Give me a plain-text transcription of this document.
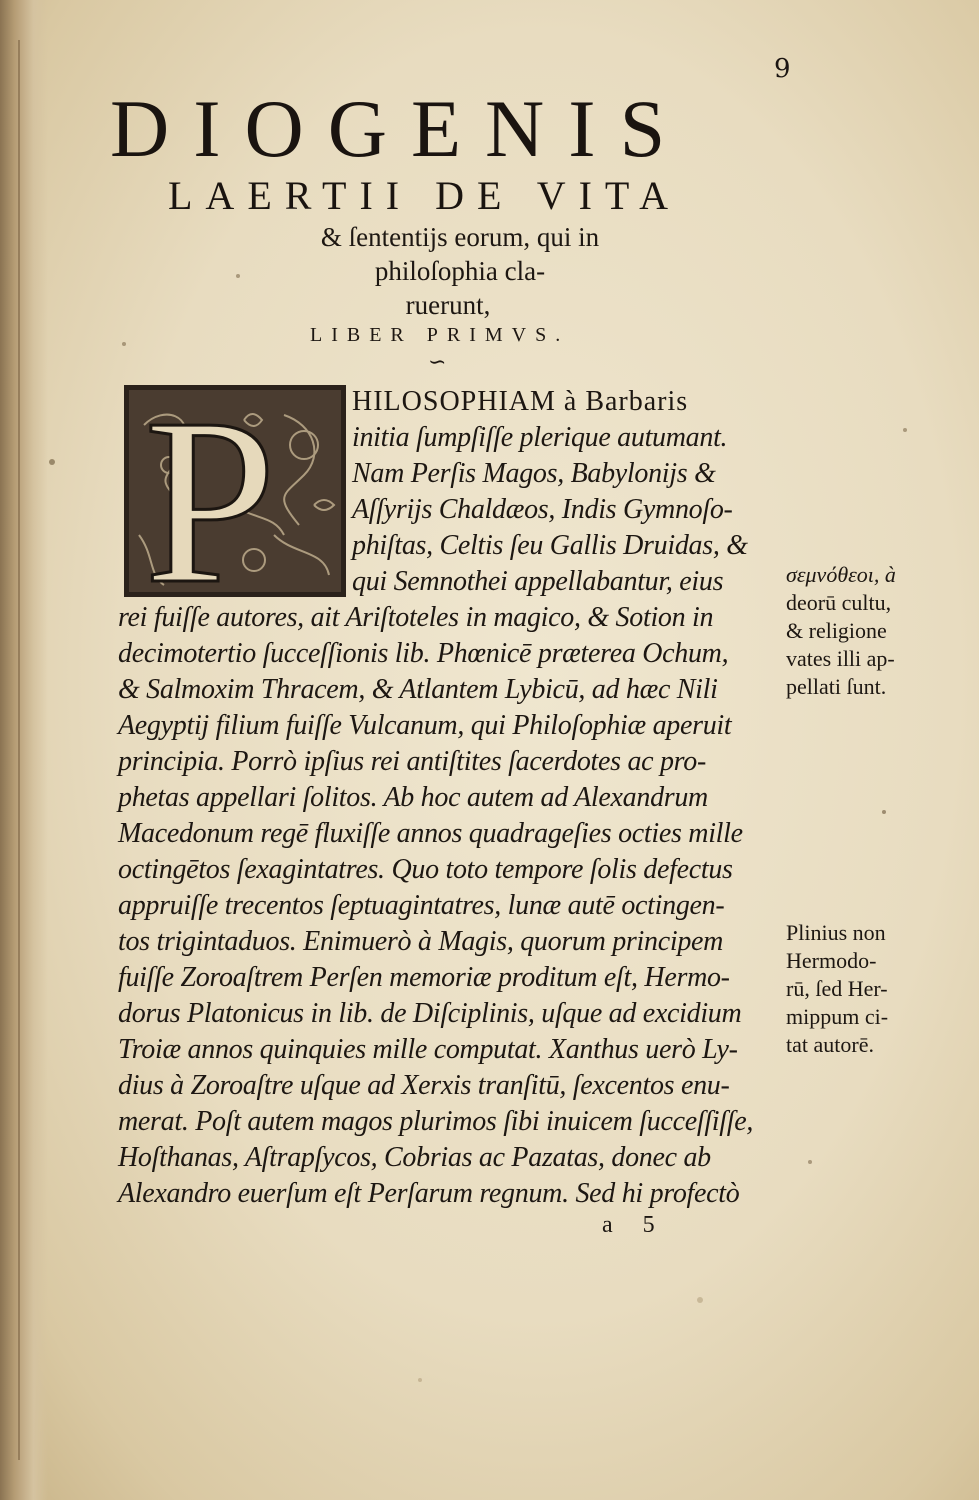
9
DIOGENIS
LAERTII DE VITA
& ſententijs eorum, qui in
philoſophia cla-
ruerunt,
LIBER PRIMVS.
∽
P	HILOSOPHIAM à Barbaris
initia ſumpſiſſe plerique autumant.
Nam Perſis Magos, Babylonijs &
Aſſyrijs Chaldæos, Indis Gymnoſo-
phiſtas, Celtis ſeu Gallis Druidas, &
qui Semnothei appellabantur, eius
rei fuiſſe autores, ait Ariſtoteles in magico, & Sotion in
decimotertio ſucceſſionis lib. Phœnicē præterea Ochum,
& Salmoxim Thracem, & Atlantem Lybicū, ad hæc Nili
Aegyptij filium fuiſſe Vulcanum, qui Philoſophiæ aperuit
principia. Porrò ipſius rei antiſtites ſacerdotes ac pro-
phetas appellari ſolitos. Ab hoc autem ad Alexandrum
Macedonum regē fluxiſſe annos quadrageſies octies mille
octingētos ſexagintatres. Quo toto tempore ſolis defectus
appruiſſe trecentos ſeptuagintatres, lunæ autē octingen-
tos trigintaduos. Enimuerò à Magis, quorum principem
fuiſſe Zoroaſtrem Perſen memoriæ proditum eſt, Hermo-
dorus Platonicus in lib. de Diſciplinis, uſque ad excidium
Troiæ annos quinquies mille computat. Xanthus uerò Ly-
dius à Zoroaſtre uſque ad Xerxis tranſitū, ſexcentos enu-
merat. Poſt autem magos plurimos ſibi inuicem ſucceſſiſſe,
Hoſthanas, Aſtrapſycos, Cobrias ac Pazatas, donec ab
Alexandro euerſum eſt Perſarum regnum. Sed hi profectò
σεμνόθεοι, à
deorū cultu,
& religione
vates illi ap-
pellati ſunt.
Plinius non
Hermodo-
rū, ſed Her-
mippum ci-
tat autorē.
a 5
